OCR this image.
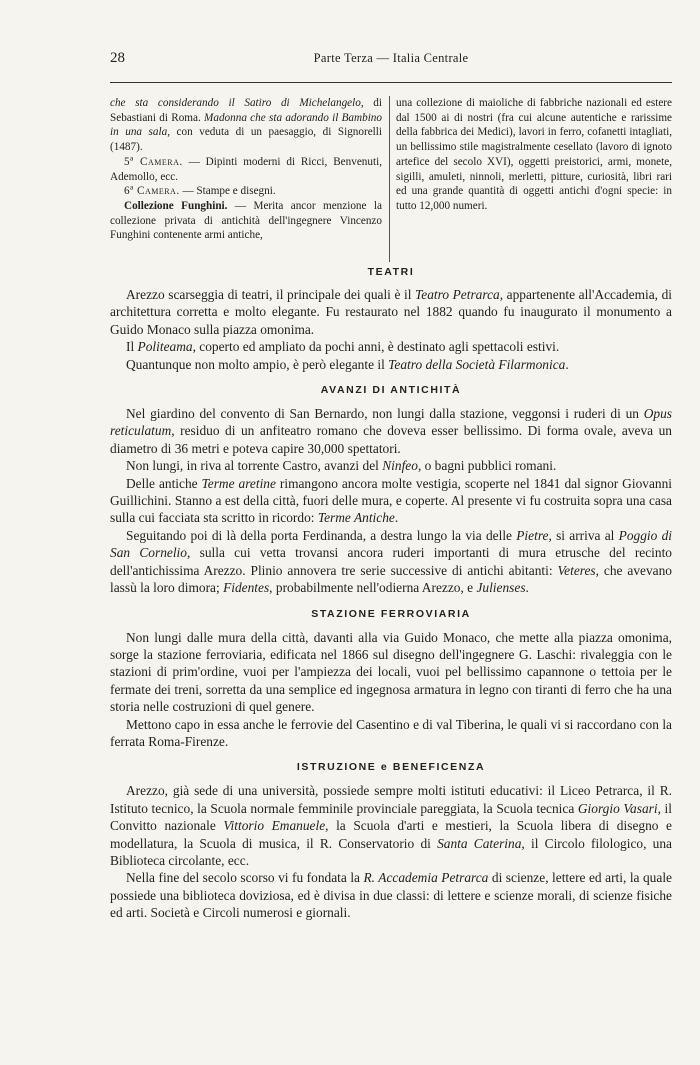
28	Parte Terza — Italia Centrale

che sta considerando il Satiro di Michelangelo, di Sebastiani di Roma. Madonna che sta adorando il Bambino in una sala, con veduta di un paesaggio, di Signorelli (1487).

5ª Camera. — Dipinti moderni di Ricci, Benvenuti, Ademollo, ecc.

6ª Camera. — Stampe e disegni.

Collezione Funghini. — Merita ancor menzione la collezione privata di antichità dell'ingegnere Vincenzo Funghini contenente armi antiche,

una collezione di maioliche di fabbriche nazionali ed estere dal 1500 ai di nostri (fra cui alcune autentiche e rarissime della fabbrica dei Medici), lavori in ferro, cofanetti intagliati, un bellissimo stile magistralmente cesellato (lavoro di ignoto artefice del secolo XVI), oggetti preistorici, armi, monete, sigilli, amuleti, ninnoli, merletti, pitture, curiosità, libri rari ed una grande quantità di oggetti antichi d'ogni specie: in tutto 12,000 numeri.

TEATRI

Arezzo scarseggia di teatri, il principale dei quali è il Teatro Petrarca, appartenente all'Accademia, di architettura corretta e molto elegante. Fu restaurato nel 1882 quando fu inaugurato il monumento a Guido Monaco sulla piazza omonima.

Il Politeama, coperto ed ampliato da pochi anni, è destinato agli spettacoli estivi.

Quantunque non molto ampio, è però elegante il Teatro della Società Filarmonica.

AVANZI DI ANTICHITÀ

Nel giardino del convento di San Bernardo, non lungi dalla stazione, veggonsi i ruderi di un Opus reticulatum, residuo di un anfiteatro romano che doveva esser bellissimo. Di forma ovale, aveva un diametro di 36 metri e poteva capire 30,000 spettatori.

Non lungi, in riva al torrente Castro, avanzi del Ninfeo, o bagni pubblici romani.

Delle antiche Terme aretine rimangono ancora molte vestigia, scoperte nel 1841 dal signor Giovanni Guillichini. Stanno a est della città, fuori delle mura, e coperte. Al presente vi fu costruita sopra una casa sulla cui facciata sta scritto in ricordo: Terme Antiche.

Seguitando poi di là della porta Ferdinanda, a destra lungo la via delle Pietre, si arriva al Poggio di San Cornelio, sulla cui vetta trovansi ancora ruderi importanti di mura etrusche del recinto dell'antichissima Arezzo. Plinio annovera tre serie successive di antichi abitanti: Veteres, che avevano lassù la loro dimora; Fidentes, probabilmente nell'odierna Arezzo, e Julienses.

STAZIONE FERROVIARIA

Non lungi dalle mura della città, davanti alla via Guido Monaco, che mette alla piazza omonima, sorge la stazione ferroviaria, edificata nel 1866 sul disegno dell'ingegnere G. Laschi: rivaleggia con le stazioni di prim'ordine, vuoi per l'ampiezza dei locali, vuoi pel bellissimo capannone o tettoia per le fermate dei treni, sorretta da una semplice ed ingegnosa armatura in legno con tiranti di ferro che ha una storia nelle costruzioni di quel genere.

Mettono capo in essa anche le ferrovie del Casentino e di val Tiberina, le quali vi si raccordano con la ferrata Roma-Firenze.

ISTRUZIONE e BENEFICENZA

Arezzo, già sede di una università, possiede sempre molti istituti educativi: il Liceo Petrarca, il R. Istituto tecnico, la Scuola normale femminile provinciale pareggiata, la Scuola tecnica Giorgio Vasari, il Convitto nazionale Vittorio Emanuele, la Scuola d'arti e mestieri, la Scuola libera di disegno e modellatura, la Scuola di musica, il R. Conservatorio di Santa Caterina, il Circolo filologico, una Biblioteca circolante, ecc.

Nella fine del secolo scorso vi fu fondata la R. Accademia Petrarca di scienze, lettere ed arti, la quale possiede una biblioteca doviziosa, ed è divisa in due classi: di lettere e scienze morali, di scienze fisiche ed arti. Società e Circoli numerosi e giornali.
